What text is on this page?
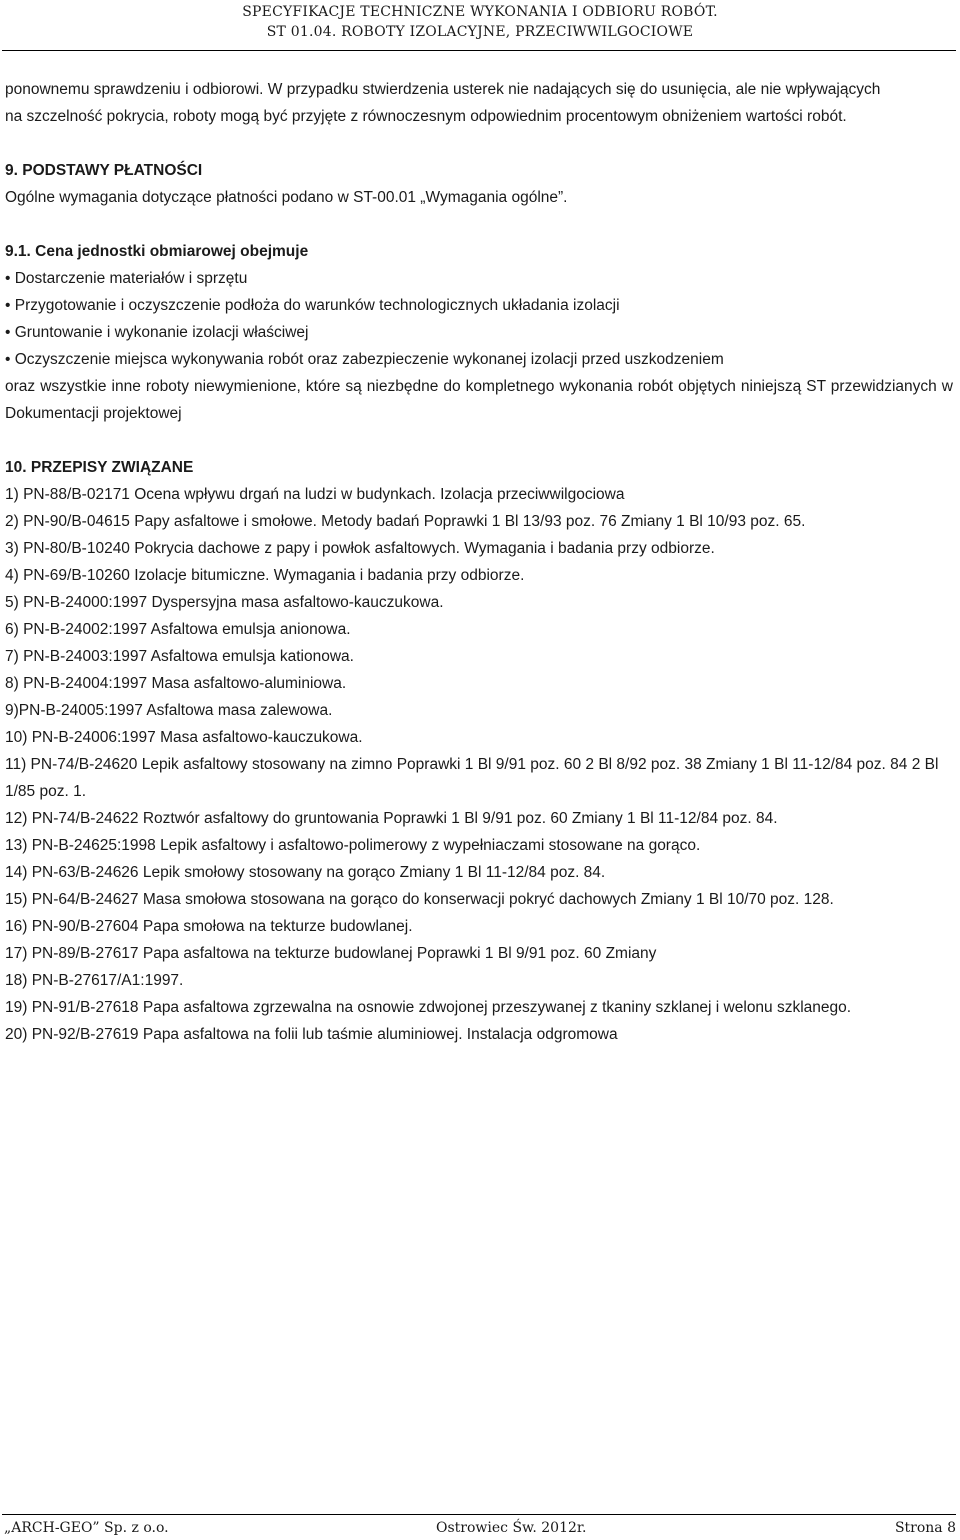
SPECYFIKACJE TECHNICZNE WYKONANIA I ODBIORU ROBÓT.
ST 01.04. ROBOTY IZOLACYJNE, PRZECIWWILGOCIOWE
ponownemu sprawdzeniu i odbiorowi. W przypadku stwierdzenia usterek nie nadających się do usunięcia, ale nie wpływających
na szczelność pokrycia, roboty mogą być przyjęte z równoczesnym odpowiednim procentowym obniżeniem wartości robót.
9. PODSTAWY PŁATNOŚCI
Ogólne wymagania dotyczące płatności podano w ST-00.01 „Wymagania ogólne”.
9.1. Cena jednostki obmiarowej obejmuje
• Dostarczenie materiałów i sprzętu
• Przygotowanie i oczyszczenie podłoża do warunków technologicznych układania izolacji
• Gruntowanie i wykonanie izolacji właściwej
• Oczyszczenie miejsca wykonywania robót oraz zabezpieczenie wykonanej izolacji przed uszkodzeniem
oraz wszystkie inne roboty niewymienione, które są niezbędne do kompletnego wykonania robót objętych niniejszą ST przewidzianych w Dokumentacji projektowej
10. PRZEPISY ZWIĄZANE
1) PN-88/B-02171 Ocena wpływu drgań na ludzi w budynkach. Izolacja przeciwwilgociowa
2) PN-90/B-04615 Papy asfaltowe i smołowe. Metody badań Poprawki 1 Bl 13/93 poz. 76 Zmiany 1 Bl 10/93 poz. 65.
3) PN-80/B-10240 Pokrycia dachowe z papy i powłok asfaltowych. Wymagania i badania przy odbiorze.
4) PN-69/B-10260 Izolacje bitumiczne. Wymagania i badania przy odbiorze.
5) PN-B-24000:1997 Dyspersyjna masa asfaltowo-kauczukowa.
6) PN-B-24002:1997 Asfaltowa emulsja anionowa.
7) PN-B-24003:1997 Asfaltowa emulsja kationowa.
8) PN-B-24004:1997 Masa asfaltowo-aluminiowa.
9)PN-B-24005:1997 Asfaltowa masa zalewowa.
10) PN-B-24006:1997 Masa asfaltowo-kauczukowa.
11) PN-74/B-24620 Lepik asfaltowy stosowany na zimno Poprawki 1 Bl 9/91 poz. 60 2 Bl 8/92 poz. 38 Zmiany 1 Bl 11-12/84 poz. 84 2 Bl 1/85 poz. 1.
12) PN-74/B-24622 Roztwór asfaltowy do gruntowania Poprawki 1 Bl 9/91 poz. 60 Zmiany 1 Bl 11-12/84 poz. 84.
13) PN-B-24625:1998 Lepik asfaltowy i asfaltowo-polimerowy z wypełniaczami stosowane na gorąco.
14) PN-63/B-24626 Lepik smołowy stosowany na gorąco Zmiany 1 Bl 11-12/84 poz. 84.
15) PN-64/B-24627 Masa smołowa stosowana na gorąco do konserwacji pokryć dachowych Zmiany 1 Bl 10/70 poz. 128.
16) PN-90/B-27604 Papa smołowa na tekturze budowlanej.
17) PN-89/B-27617 Papa asfaltowa na tekturze budowlanej Poprawki 1 Bl 9/91 poz. 60 Zmiany
18) PN-B-27617/A1:1997.
19) PN-91/B-27618 Papa asfaltowa zgrzewalna na osnowie zdwojonej przeszywanej z tkaniny szklanej i welonu szklanego.
20) PN-92/B-27619 Papa asfaltowa na folii lub taśmie aluminiowej. Instalacja odgromowa
„ARCH-GEO” Sp. z o.o.	Ostrowiec Św. 2012r.	Strona 8
